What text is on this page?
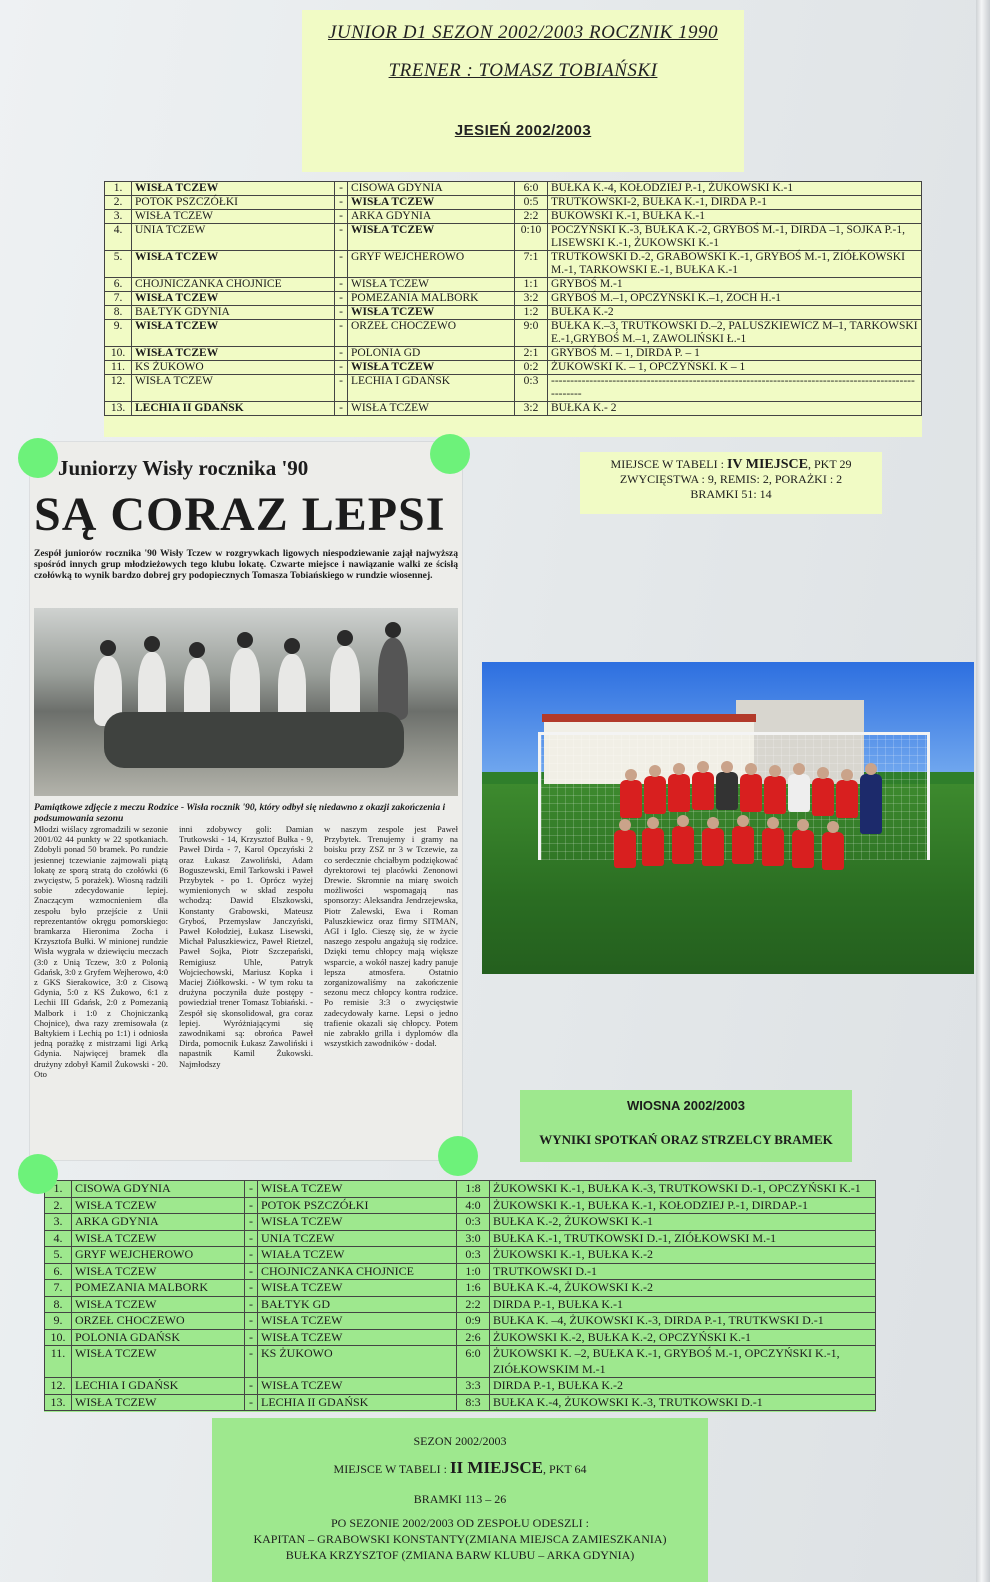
JUNIOR D1 SEZON 2002/2003 ROCZNIK 1990
TRENER : TOMASZ TOBIAŃSKI
JESIEŃ 2002/2003
1.	WISŁA TCZEW	-	CISOWA GDYNIA	6:0	BUŁKA K.-4, KOŁODZIEJ P.-1, ŻUKOWSKI K.-1
2.	POTOK PSZCZÓŁKI	-	WISŁA TCZEW	0:5	TRUTKOWSKI-2, BUŁKA K.-1, DIRDA P.-1
3.	WISŁA TCZEW	-	ARKA GDYNIA	2:2	BUKOWSKI K.-1, BUŁKA K.-1
4.	UNIA TCZEW	-	WISŁA TCZEW	0:10	POCZYŃSKI K.-3, BUŁKA K.-2, GRYBOŚ M.-1, DIRDA –1, SOJKA P.-1, LISEWSKI K.-1, ŻUKOWSKI K.-1
5.	WISŁA TCZEW	-	GRYF WEJCHEROWO	7:1	TRUTKOWSKI D.-2, GRABOWSKI K.-1, GRYBOŚ M.-1, ZIÓŁKOWSKI M.-1, TARKOWSKI E.-1, BUŁKA K.-1
6.	CHOJNICZANKA CHOJNICE	-	WISŁA TCZEW	1:1	GRYBOŚ M.-1
7.	WISŁA TCZEW	-	POMEZANIA MALBORK	3:2	GRYBOŚ M.–1, OPCZYŃSKI K.–1, ZOCH H.-1
8.	BAŁTYK GDYNIA	-	WISŁA TCZEW	1:2	BUŁKA K.-2
9.	WISŁA TCZEW	-	ORZEŁ CHOCZEWO	9:0	BUŁKA K.–3, TRUTKOWSKI D.–2, PALUSZKIEWICZ M–1, TARKOWSKI E.-1,GRYBOŚ M.–1, ZAWOLIŃSKI Ł.-1
10.	WISŁA TCZEW	-	POLONIA GD	2:1	GRYBOŚ M. – 1, DIRDA P. – 1
11.	KS ŻUKOWO	-	WISŁA TCZEW	0:2	ŻUKOWSKI K. – 1, OPCZYŃSKI. K – 1
12.	WISŁA TCZEW	-	LECHIA I GDAŃSK	0:3	-------------------------------------------------------------------------------------------------------
13.	LECHIA II GDAŃSK	-	WISŁA TCZEW	3:2	BUŁKA K.- 2
MIEJSCE W TABELI : IV MIEJSCE, PKT 29
ZWYCIĘSTWA : 9, REMIS: 2, PORAŻKI : 2
BRAMKI 51: 14
Juniorzy Wisły rocznika '90
SĄ CORAZ LEPSI
Zespół juniorów rocznika '90 Wisły Tczew w rozgrywkach ligowych niespodziewanie zajął najwyższą spośród innych grup młodzieżowych tego klubu lokatę. Czwarte miejsce i nawiązanie walki ze ścisłą czołówką to wynik bardzo dobrej gry podopiecznych Tomasza Tobiańskiego w rundzie wiosennej.
Pamiątkowe zdjęcie z meczu Rodzice - Wisła rocznik '90, który odbył się niedawno z okazji zakończenia i podsumowania sezonu
Młodzi wiślacy zgromadzili w sezonie 2001/02 44 punkty w 22 spotkaniach. Zdobyli ponad 50 bramek. Po rundzie jesiennej tczewianie zajmowali piątą lokatę ze sporą stratą do czołówki (6 zwycięstw, 5 porażek). Wiosną radzili sobie zdecydowanie lepiej. Znaczącym wzmocnieniem dla zespołu było przejście z Unii reprezentantów okręgu pomorskiego: bramkarza Hieronima Zocha i Krzysztofa Bułki. W minionej rundzie Wisła wygrała w dziewięciu meczach (3:0 z Unią Tczew, 3:0 z Polonią Gdańsk, 3:0 z Gryfem Wejherowo, 4:0 z GKS Sierakowice, 3:0 z Cisową Gdynia, 5:0 z KS Żukowo, 6:1 z Lechii III Gdańsk, 2:0 z Pomezanią Malbork i 1:0 z Chojniczanką Chojnice), dwa razy zremisowała (z Bałtykiem i Lechią po 1:1) i odniosła jedną porażkę z mistrzami ligi Arką Gdynia. Najwięcej bramek dla drużyny zdobył Kamil Żukowski - 20. Oto
inni zdobywcy goli: Damian Trutkowski - 14, Krzysztof Bułka - 9, Paweł Dirda - 7, Karol Opczyński 2 oraz Łukasz Zawoliński, Adam Boguszewski, Emil Tarkowski i Paweł Przybytek - po 1. Oprócz wyżej wymienionych w skład zespołu wchodzą: Dawid Elszkowski, Konstanty Grabowski, Mateusz Gryboś, Przemysław Janczyński, Paweł Kołodziej, Łukasz Lisewski, Michał Paluszkiewicz, Paweł Rietzel, Paweł Sojka, Piotr Szczepański, Remigiusz Uhle, Patryk Wojciechowski, Mariusz Kopka i Maciej Ziółkowski. - W tym roku ta drużyna poczyniła duże postępy - powiedział trener Tomasz Tobiański. - Zespół się skonsolidował, gra coraz lepiej. Wyróżniającymi się zawodnikami są: obrońca Paweł Dirda, pomocnik Łukasz Zawoliński i napastnik Kamil Żukowski. Najmłodszy
w naszym zespole jest Paweł Przybytek. Trenujemy i gramy na boisku przy ZSZ nr 3 w Tczewie, za co serdecznie chciałbym podziękować dyrektorowi tej placówki Zenonowi Drewie. Skromnie na miarę swoich możliwości wspomagają nas sponsorzy: Aleksandra Jendrzejewska, Piotr Zalewski, Ewa i Roman Paluszkiewicz oraz firmy SITMAN, AGI i Iglo. Cieszę się, że w życie naszego zespołu angażują się rodzice. Dzięki temu chłopcy mają większe wsparcie, a wokół naszej kadry panuje lepsza atmosfera. Ostatnio zorganizowaliśmy na zakończenie sezonu mecz chłopcy kontra rodzice. Po remisie 3:3 o zwycięstwie zadecydowały karne. Lepsi o jedno trafienie okazali się chłopcy. Potem nie zabrakło grilla i dyplomów dla wszystkich zawodników - dodał.
WIOSNA 2002/2003
WYNIKI SPOTKAŃ ORAZ STRZELCY BRAMEK
1.	CISOWA GDYNIA	-	WISŁA TCZEW	1:8	ŻUKOWSKI K.-1, BUŁKA K.-3, TRUTKOWSKI D.-1, OPCZYŃSKI K.-1
2.	WISŁA TCZEW	-	POTOK PSZCZÓŁKI	4:0	ŻUKOWSKI K.-1, BUŁKA K.-1, KOŁODZIEJ P.-1, DIRDAP.-1
3.	ARKA GDYNIA	-	WISŁA TCZEW	0:3	BUŁKA K.-2, ŻUKOWSKI K.-1
4.	WISŁA TCZEW	-	UNIA TCZEW	3:0	BUŁKA K.-1, TRUTKOWSKI D.-1, ZIÓŁKOWSKI M.-1
5.	GRYF WEJCHEROWO	-	WIAŁA TCZEW	0:3	ŻUKOWSKI K.-1, BUŁKA K.-2
6.	WISŁA TCZEW	-	CHOJNICZANKA CHOJNICE	1:0	TRUTKOWSKI D.-1
7.	POMEZANIA MALBORK	-	WISŁA TCZEW	1:6	BUŁKA K.-4, ŻUKOWSKI K.-2
8.	WISŁA TCZEW	-	BAŁTYK GD	2:2	DIRDA P.-1, BUŁKA K.-1
9.	ORZEŁ CHOCZEWO	-	WISŁA TCZEW	0:9	BUŁKA K. –4, ŻUKOWSKI K.-3, DIRDA P.-1, TRUTKWSKI D.-1
10.	POLONIA GDAŃSK	-	WISŁA TCZEW	2:6	ŻUKOWSKI K.-2, BUŁKA K.-2, OPCZYŃSKI K.-1
11.	WISŁA TCZEW	-	KS ŻUKOWO	6:0	ŻUKOWSKI K. –2, BUŁKA K.-1, GRYBOŚ M.-1, OPCZYŃSKI K.-1, ZIÓŁKOWSKIM M.-1
12.	LECHIA I GDAŃSK	-	WISŁA TCZEW	3:3	DIRDA P.-1, BUŁKA K.-2
13.	WISŁA TCZEW	-	LECHIA II GDAŃSK	8:3	BUŁKA K.-4, ŻUKOWSKI K.-3, TRUTKOWSKI D.-1
SEZON 2002/2003
MIEJSCE W TABELI : II MIEJSCE, PKT 64
BRAMKI 113 – 26
PO SEZONIE 2002/2003 OD ZESPOŁU ODESZLI :
KAPITAN – GRABOWSKI KONSTANTY(ZMIANA MIEJSCA ZAMIESZKANIA)
BUŁKA KRZYSZTOF (ZMIANA BARW KLUBU – ARKA GDYNIA)
